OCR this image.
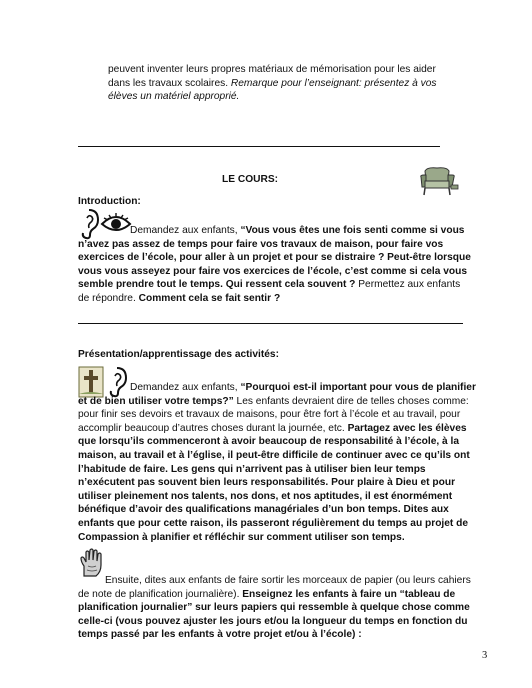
peuvent inventer leurs propres matériaux de mémorisation pour les aider dans les travaux scolaires. Remarque pour l’enseignant: présentez à vos élèves un matériel approprié.
LE COURS:
Introduction:
Demandez aux enfants, “Vous vous êtes une fois senti comme si vous n’avez pas assez de temps pour faire vos travaux de maison, pour faire vos exercices de l’école, pour aller à un projet et pour se distraire ? Peut-être lorsque vous vous asseyez pour faire vos exercices de l’école, c’est comme si cela vous semble prendre tout le temps. Qui ressent cela souvent ? Permettez aux enfants de répondre. Comment cela se fait sentir ?
Présentation/apprentissage des activités:
Demandez aux enfants, “Pourquoi est-il important pour vous de planifier et de bien utiliser votre temps?” Les enfants devraient dire de telles choses comme: pour finir ses devoirs et travaux de maisons, pour être fort à l’école et au travail, pour accomplir beaucoup d’autres choses durant la journée, etc. Partagez avec les élèves que lorsqu’ils commenceront à avoir beaucoup de responsabilité à l’école, à la maison, au travail et à l’église, il peut-être difficile de continuer avec ce qu’ils ont l’habitude de faire. Les gens qui n’arrivent pas à utiliser bien leur temps n’exécutent pas souvent bien leurs responsabilités. Pour plaire à Dieu et pour utiliser pleinement nos talents, nos dons, et nos aptitudes, il est énormément bénéfique d’avoir des qualifications managériales d’un bon temps. Dites aux enfants que pour cette raison, ils passeront régulièrement du temps au projet de Compassion à planifier et réfléchir sur comment utiliser son temps.
Ensuite, dites aux enfants de faire sortir les morceaux de papier (ou leurs cahiers de note de planification journalière). Enseignez les enfants à faire un “tableau de planification journalier” sur leurs papiers qui ressemble à quelque chose comme celle-ci (vous pouvez ajuster les jours et/ou la longueur du temps en fonction du temps passé par les enfants à votre projet et/ou à l’école) :
3
